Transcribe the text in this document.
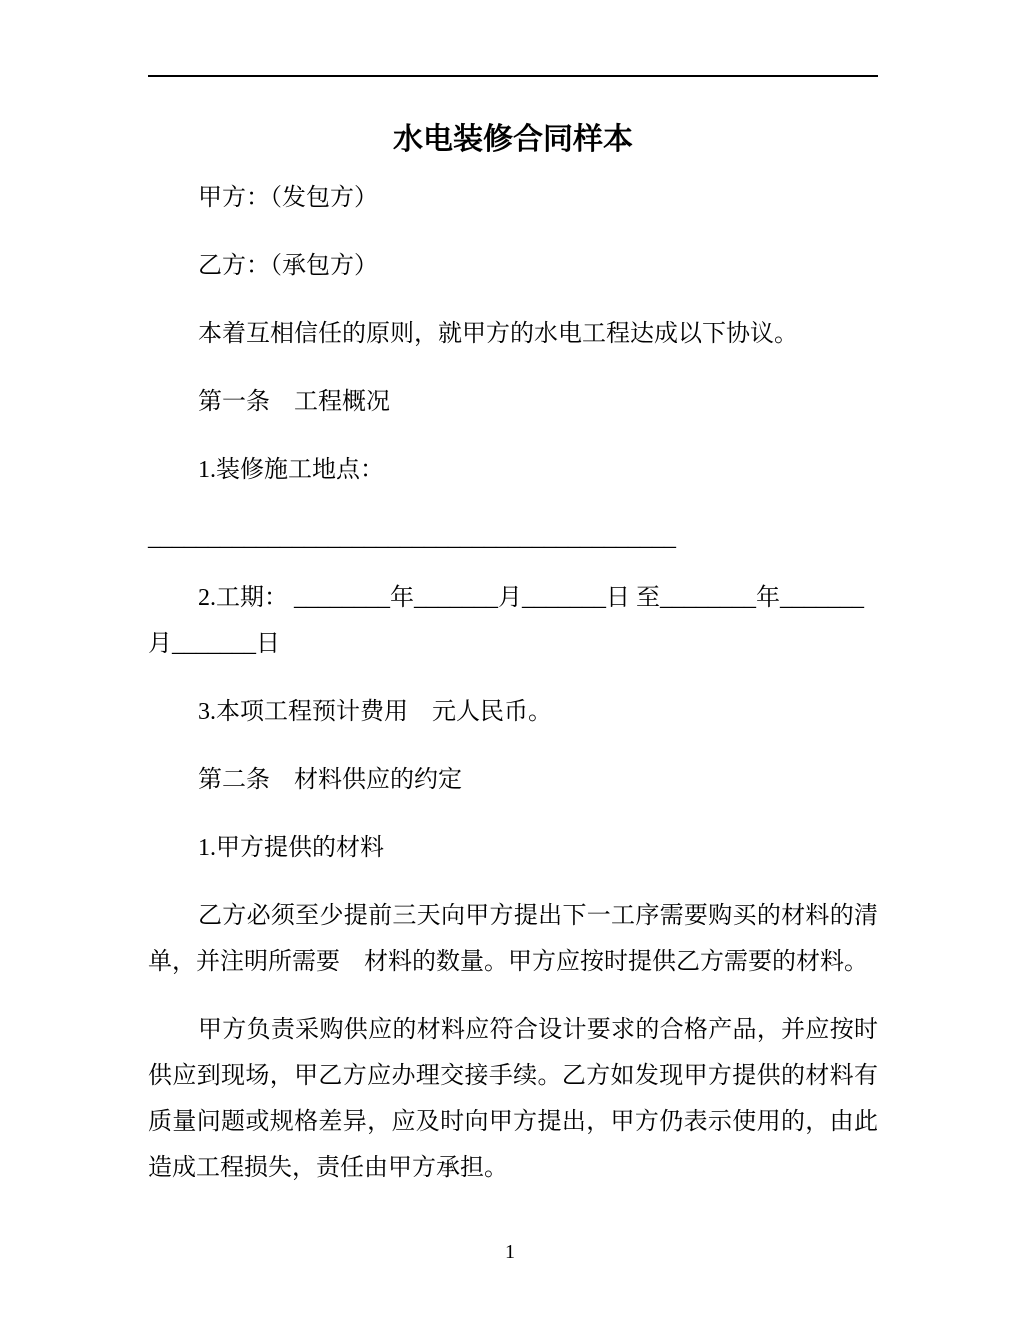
水电装修合同样本

甲方：（发包方）

乙方：（承包方）

本着互相信任的原则，就甲方的水电工程达成以下协议。

第一条　工程概况

1.装修施工地点：

____________________________________________

2.工期： ________年_______月_______日 至________年_______
月_______日

3.本项工程预计费用　元人民币。

第二条　材料供应的约定

1.甲方提供的材料

乙方必须至少提前三天向甲方提出下一工序需要购买的材料的清单，并注明所需要　材料的数量。甲方应按时提供乙方需要的材料。

甲方负责采购供应的材料应符合设计要求的合格产品，并应按时供应到现场，甲乙方应办理交接手续。乙方如发现甲方提供的材料有质量问题或规格差异，应及时向甲方提出，甲方仍表示使用的，由此造成工程损失，责任由甲方承担。

1
